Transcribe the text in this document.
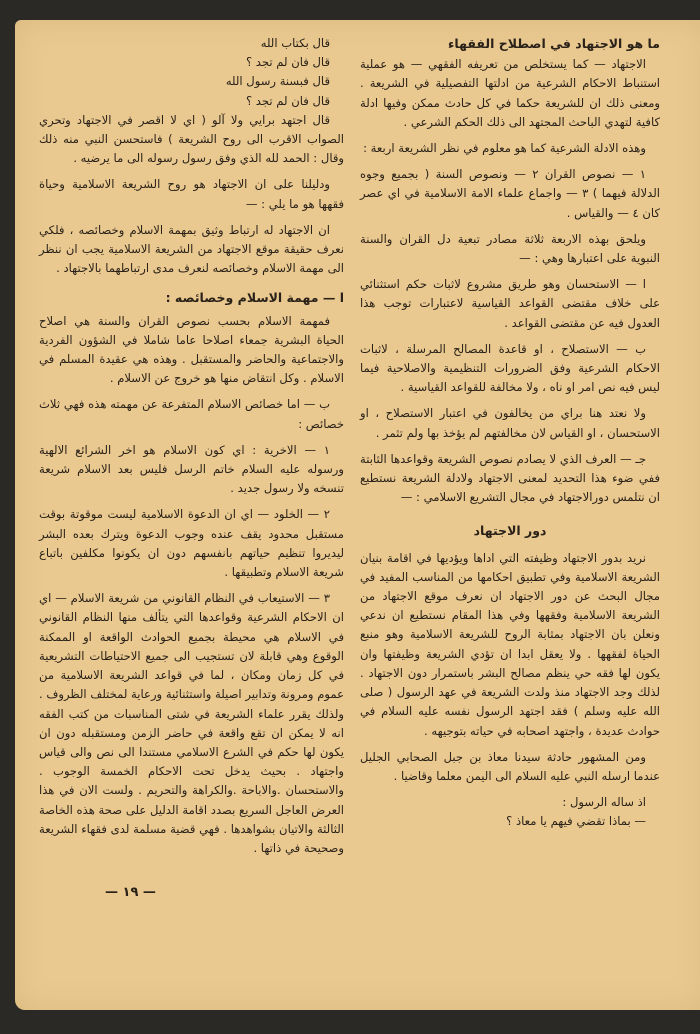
ما هو الاجتهاد في اصطلاح الفقهاء

الاجتهاد — كما يستخلص من تعريفه الفقهي — هو عملية استنباط الاحكام الشرعية من ادلتها التفصيلية في الشريعة . ومعنى ذلك ان للشريعة حكما في كل حادث ممكن وفيها ادلة كافية لتهدي الباحث المجتهد الى ذلك الحكم الشرعي .

وهذه الادلة الشرعية كما هو معلوم في نظر الشريعة اربعة :

١ — نصوص القران ٢ — ونصوص السنة ( بجميع وجوه الدلالة فيهما ) ٣ — واجماع علماء الامة الاسلامية في اي عصر كان ٤ — والقياس .

ويلحق بهذه الاربعة ثلاثة مصادر تبعية دل القران والسنة النبوية على اعتبارها وهي : —

ا — الاستحسان وهو طريق مشروع لاثبات حكم استثنائي على خلاف مقتضى القواعد القياسية لاعتبارات توجب هذا العدول فيه عن مقتضى القواعد .

ب — الاستصلاح ، او قاعدة المصالح المرسلة ، لاثبات الاحكام الشرعية وفق الضرورات التنظيمية والاصلاحية فيما ليس فيه نص امر او ناه ، ولا مخالفة للقواعد القياسية .

ولا نعتد هنا براي من يخالفون في اعتبار الاستصلاح ، او الاستحسان ، او القياس لان مخالفتهم لم يؤخذ بها ولم تثمر .

جـ — العرف الذي لا يصادم نصوص الشريعة وقواعدها الثابتة ففي ضوء هذا التحديد لمعنى الاجتهاد ولادلة الشريعة نستطيع ان نتلمس دورالاجتهاد في مجال التشريع الاسلامي : —

دور الاجتهاد

نريد بدور الاجتهاد وظيفته التي اداها ويؤديها في اقامة بنيان الشريعة الاسلامية وفي تطبيق احكامها من المناسب المفيد في مجال البحث عن دور الاجتهاد ان نعرف موقع الاجتهاد من الشريعة الاسلامية وفقهها وفي هذا المقام نستطيع ان ندعي ونعلن بان الاجتهاد بمثابة الروح للشريعة الاسلامية وهو منبع الحياة لفقهها . ولا يعقل ابدا ان تؤدي الشريعة وظيفتها وان يكون لها فقه حي ينظم مصالح البشر باستمرار دون الاجتهاد . لذلك وجد الاجتهاد منذ ولدت الشريعة في عهد الرسول ( صلى الله عليه وسلم ) فقد اجتهد الرسول نفسه عليه السلام في حوادث عديدة ، واجتهد اصحابه في حياته بتوجيهه .

ومن المشهور حادثة سيدنا معاذ بن جبل الصحابي الجليل عندما ارسله النبي عليه السلام الى اليمن معلما وقاضيا .

اذ ساله الرسول :

— بماذا تقضي فيهم يا معاذ ؟

قال بكتاب الله

قال فان لم تجد ؟

قال فبسنة رسول الله

قال فان لم تجد ؟

قال اجتهد برايي ولا آلو ( اي لا اقصر في الاجتهاد وتحري الصواب الاقرب الى روح الشريعة ) فاستحسن النبي منه ذلك وقال : الحمد لله الذي وفق رسول رسوله الى ما يرضيه .

ودليلنا على ان الاجتهاد هو روح الشريعة الاسلامية وحياة فقهها هو ما يلي : —

ان الاجتهاد له ارتباط وثيق بمهمة الاسلام وخصائصه ، فلكي نعرف حقيقة موقع الاجتهاد من الشريعة الاسلامية يجب ان ننظر الى مهمة الاسلام وخصائصه لنعرف مدى ارتباطهما بالاجتهاد .

ا — مهمة الاسلام وخصائصه :

فمهمة الاسلام بحسب نصوص القران والسنة هي اصلاح الحياة البشرية جمعاء اصلاحا عاما شاملا في الشؤون الفردية والاجتماعية والحاضر والمستقبل . وهذه هي عقيدة المسلم في الاسلام . وكل انتقاض منها هو خروج عن الاسلام .

ب — اما خصائص الاسلام المتفرعة عن مهمته هذه فهي ثلاث خصائص :

١ — الاخرية : اي كون الاسلام هو اخر الشرائع الالهية ورسوله عليه السلام خاتم الرسل فليس بعد الاسلام شريعة تنسخه ولا رسول جديد .

٢ — الخلود — اي ان الدعوة الاسلامية ليست موقوتة بوقت مستقبل محدود يقف عنده وجوب الدعوة ويترك بعده البشر ليديروا تنظيم حياتهم بانفسهم دون ان يكونوا مكلفين باتباع شريعة الاسلام وتطبيقها .

٣ — الاستيعاب في النظام القانوني من شريعة الاسلام — اي ان الاحكام الشرعية وقواعدها التي يتألف منها النظام القانوني في الاسلام هي محيطة بجميع الحوادث الواقعة او الممكنة الوقوع وهي قابلة لان تستجيب الى جميع الاحتياطات التشريعية في كل زمان ومكان ، لما في قواعد الشريعة الاسلامية من عموم ومرونة وتدابير اصيلة واستثنائية ورعاية لمختلف الظروف . ولذلك يقرر علماء الشريعة في شتى المناسبات من كتب الفقه انه لا يمكن ان تقع واقعة في حاضر الزمن ومستقبله دون ان يكون لها حكم في الشرع الاسلامي مستندا الى نص والى قياس واجتهاد . بحيث يدخل تحت الاحكام الخمسة الوجوب . والاستحسان .والاباحة .والكراهة والتحريم . ولست الان في هذا العرض العاجل السريع بصدد اقامة الدليل على صحة هذه الخاصة الثالثة والاتيان بشواهدها . فهي قضية مسلمة لدى فقهاء الشريعة وصحيحة في ذاتها .

— ١٩ —
